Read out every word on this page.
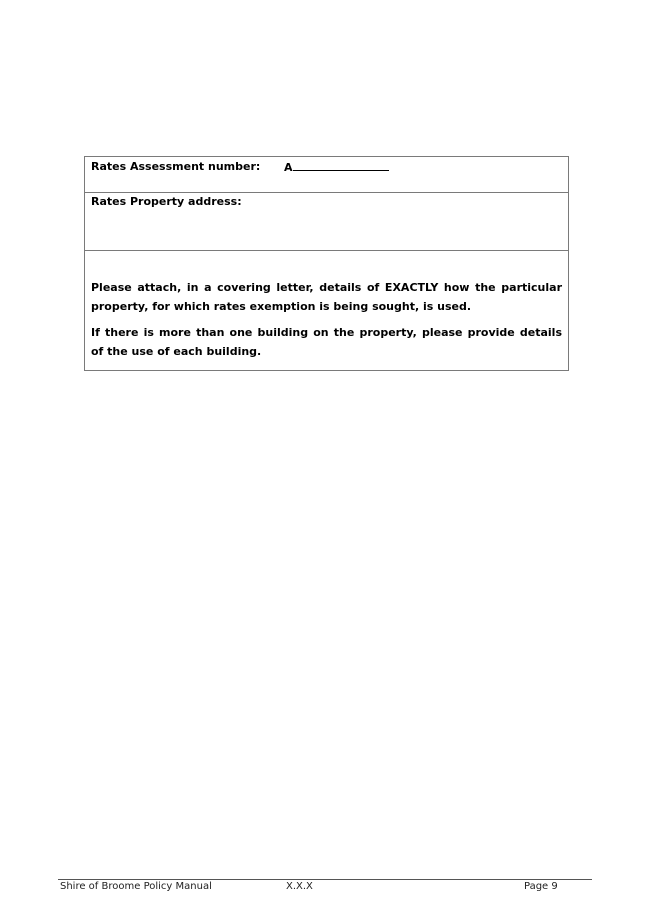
Rates Assessment number: A
Rates Property address:

Please attach, in a covering letter, details of EXACTLY how the particular property, for which rates exemption is being sought, is used.

If there is more than one building on the property, please provide details of the use of each building.

Shire of Broome Policy Manual	X.X.X	Page 9
